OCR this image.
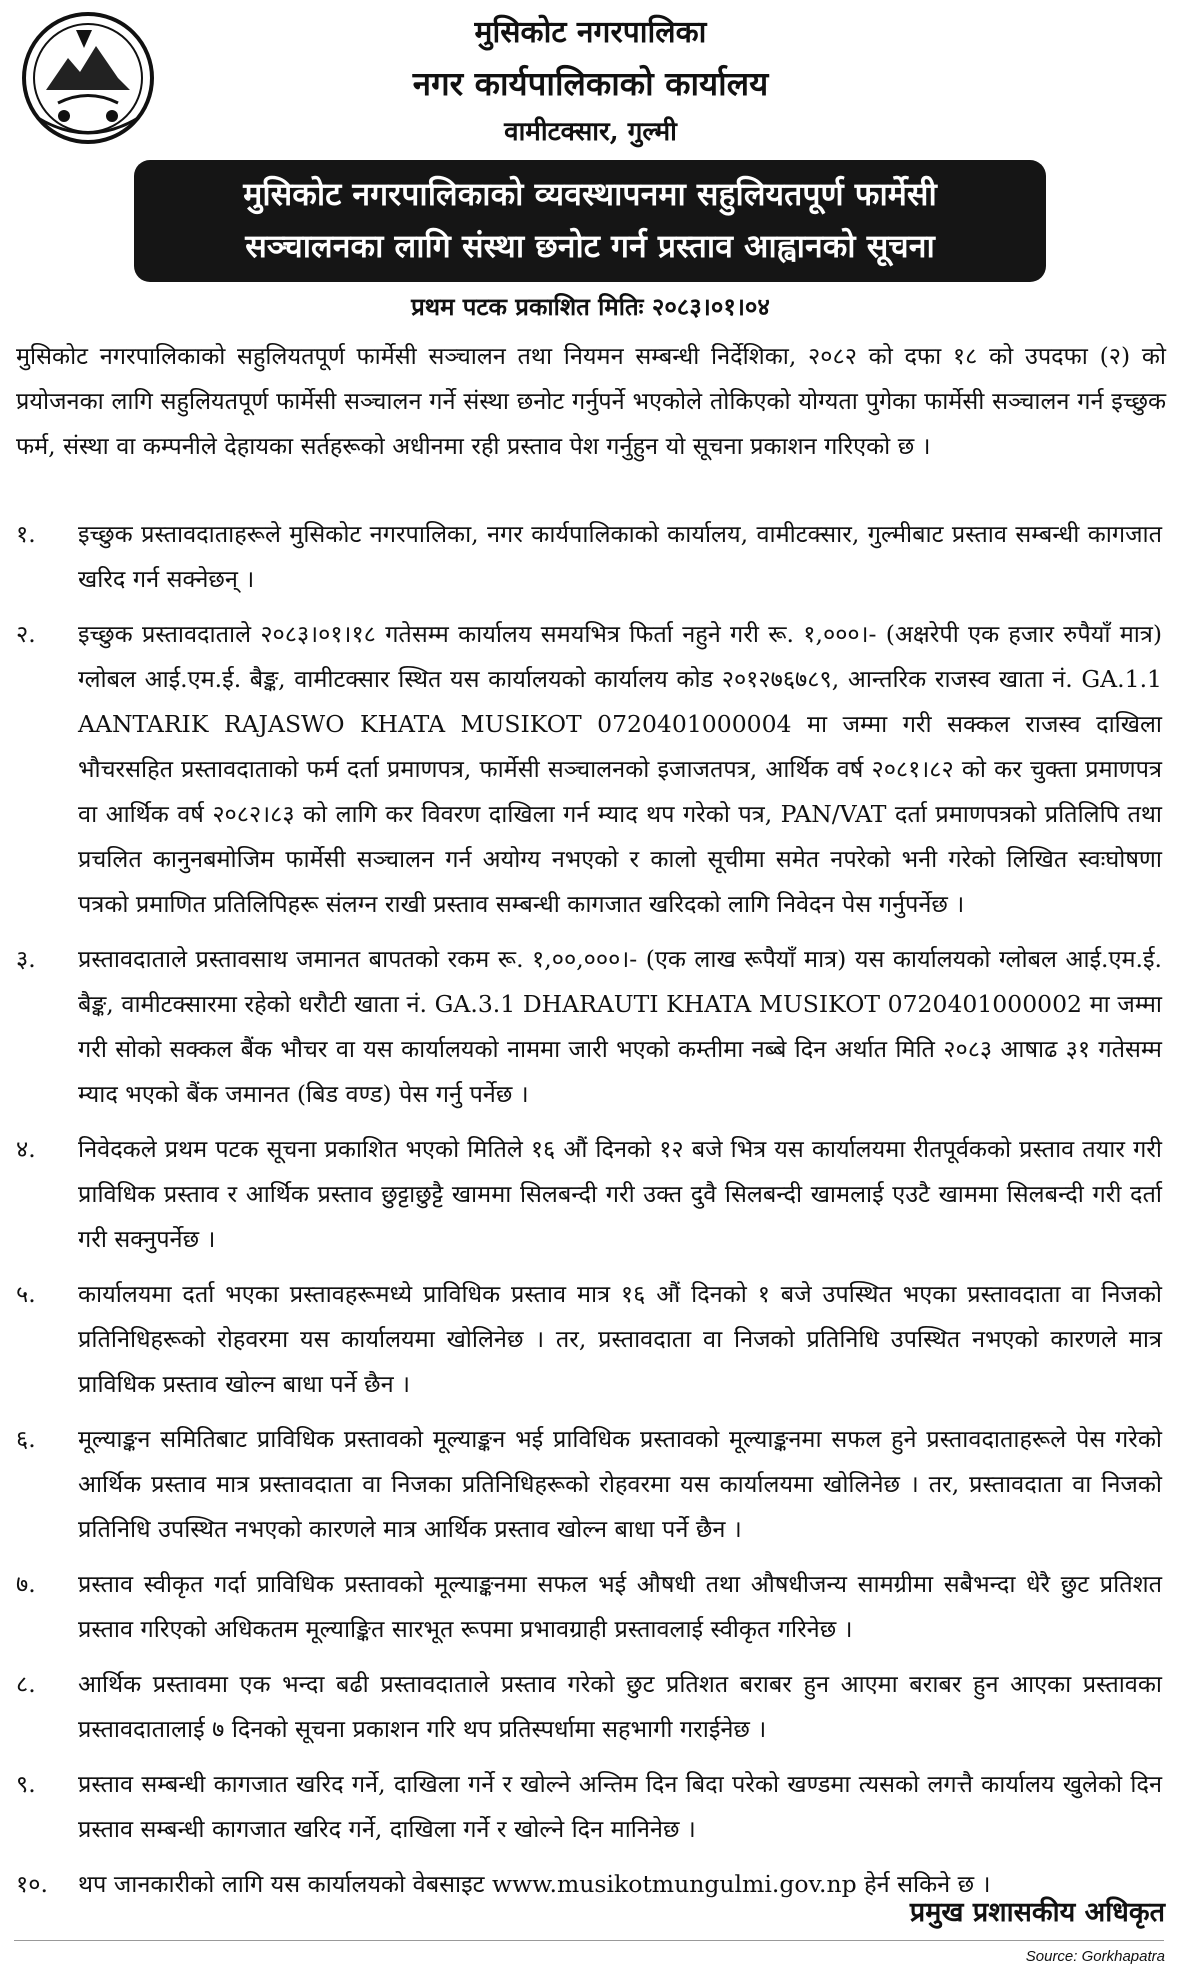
मुसिकोट नगरपालिका
नगर कार्यपालिकाको कार्यालय
वामीटक्सार, गुल्मी
मुसिकोट नगरपालिकाको व्यवस्थापनमा सहुलियतपूर्ण फार्मेसी
सञ्चालनका लागि संस्था छनोट गर्न प्रस्ताव आह्वानको सूचना
प्रथम पटक प्रकाशित मितिः २०८३।०१।०४
मुसिकोट नगरपालिकाको सहुलियतपूर्ण फार्मेसी सञ्चालन तथा नियमन सम्बन्धी निर्देशिका, २०८२ को दफा १८ को उपदफा (२) को प्रयोजनका लागि सहुलियतपूर्ण फार्मेसी सञ्चालन गर्ने संस्था छनोट गर्नुपर्ने भएकोले तोकिएको योग्यता पुगेका फार्मेसी सञ्चालन गर्न इच्छुक फर्म, संस्था वा कम्पनीले देहायका सर्तहरूको अधीनमा रही प्रस्ताव पेश गर्नुहुन यो सूचना प्रकाशन गरिएको छ ।
१.	इच्छुक प्रस्तावदाताहरूले मुसिकोट नगरपालिका, नगर कार्यपालिकाको कार्यालय, वामीटक्सार, गुल्मीबाट प्रस्ताव सम्बन्धी कागजात खरिद गर्न सक्नेछन् ।
२.	इच्छुक प्रस्तावदाताले २०८३।०१।१८ गतेसम्म कार्यालय समयभित्र फिर्ता नहुने गरी रू. १,०००।- (अक्षरेपी एक हजार रुपैयाँ मात्र) ग्लोबल आई.एम.ई. बैङ्क, वामीटक्सार स्थित यस कार्यालयको कार्यालय कोड २०१२७६७८९, आन्तरिक राजस्व खाता नं. GA.1.1 AANTARIK RAJASWO KHATA MUSIKOT 0720401000004 मा जम्मा गरी सक्कल राजस्व दाखिला भौचरसहित प्रस्तावदाताको फर्म दर्ता प्रमाणपत्र, फार्मेसी सञ्चालनको इजाजतपत्र, आर्थिक वर्ष २०८१।८२ को कर चुक्ता प्रमाणपत्र वा आर्थिक वर्ष २०८२।८३ को लागि कर विवरण दाखिला गर्न म्याद थप गरेको पत्र, PAN/VAT दर्ता प्रमाणपत्रको प्रतिलिपि तथा प्रचलित कानुनबमोजिम फार्मेसी सञ्चालन गर्न अयोग्य नभएको र कालो सूचीमा समेत नपरेको भनी गरेको लिखित स्वःघोषणा पत्रको प्रमाणित प्रतिलिपिहरू संलग्न राखी प्रस्ताव सम्बन्धी कागजात खरिदको लागि निवेदन पेस गर्नुपर्नेछ ।
३.	प्रस्तावदाताले प्रस्तावसाथ जमानत बापतको रकम रू. १,००,०००।- (एक लाख रूपैयाँ मात्र) यस कार्यालयको ग्लोबल आई.एम.ई. बैङ्क, वामीटक्सारमा रहेको धरौटी खाता नं. GA.3.1 DHARAUTI KHATA MUSIKOT 0720401000002 मा जम्मा गरी सोको सक्कल बैंक भौचर वा यस कार्यालयको नाममा जारी भएको कम्तीमा नब्बे दिन अर्थात मिति २०८३ आषाढ ३१ गतेसम्म म्याद भएको बैंक जमानत (बिड वण्ड) पेस गर्नु पर्नेछ ।
४.	निवेदकले प्रथम पटक सूचना प्रकाशित भएको मितिले १६ औं दिनको १२ बजे भित्र यस कार्यालयमा रीतपूर्वकको प्रस्ताव तयार गरी प्राविधिक प्रस्ताव र आर्थिक प्रस्ताव छुट्टाछुट्टै खाममा सिलबन्दी गरी उक्त दुवै सिलबन्दी खामलाई एउटै खाममा सिलबन्दी गरी दर्ता गरी सक्नुपर्नेछ ।
५.	कार्यालयमा दर्ता भएका प्रस्तावहरूमध्ये प्राविधिक प्रस्ताव मात्र १६ औं दिनको १ बजे उपस्थित भएका प्रस्तावदाता वा निजको प्रतिनिधिहरूको रोहवरमा यस कार्यालयमा खोलिनेछ । तर, प्रस्तावदाता वा निजको प्रतिनिधि उपस्थित नभएको कारणले मात्र प्राविधिक प्रस्ताव खोल्न बाधा पर्ने छैन ।
६.	मूल्याङ्कन समितिबाट प्राविधिक प्रस्तावको मूल्याङ्कन भई प्राविधिक प्रस्तावको मूल्याङ्कनमा सफल हुने प्रस्तावदाताहरूले पेस गरेको आर्थिक प्रस्ताव मात्र प्रस्तावदाता वा निजका प्रतिनिधिहरूको रोहवरमा यस कार्यालयमा खोलिनेछ । तर, प्रस्तावदाता वा निजको प्रतिनिधि उपस्थित नभएको कारणले मात्र आर्थिक प्रस्ताव खोल्न बाधा पर्ने छैन ।
७.	प्रस्ताव स्वीकृत गर्दा प्राविधिक प्रस्तावको मूल्याङ्कनमा सफल भई औषधी तथा औषधीजन्य सामग्रीमा सबैभन्दा धेरै छुट प्रतिशत प्रस्ताव गरिएको अधिकतम मूल्याङ्कित सारभूत रूपमा प्रभावग्राही प्रस्तावलाई स्वीकृत गरिनेछ ।
८.	आर्थिक प्रस्तावमा एक भन्दा बढी प्रस्तावदाताले प्रस्ताव गरेको छुट प्रतिशत बराबर हुन आएमा बराबर हुन आएका प्रस्तावका प्रस्तावदातालाई ७ दिनको सूचना प्रकाशन गरि थप प्रतिस्पर्धामा सहभागी गराईनेछ ।
९.	प्रस्ताव सम्बन्धी कागजात खरिद गर्ने, दाखिला गर्ने र खोल्ने अन्तिम दिन बिदा परेको खण्डमा त्यसको लगत्तै कार्यालय खुलेको दिन प्रस्ताव सम्बन्धी कागजात खरिद गर्ने, दाखिला गर्ने र खोल्ने दिन मानिनेछ ।
१०.	थप जानकारीको लागि यस कार्यालयको वेबसाइट www.musikotmungulmi.gov.np हेर्न सकिने छ ।
प्रमुख प्रशासकीय अधिकृत
Source: Gorkhapatra
